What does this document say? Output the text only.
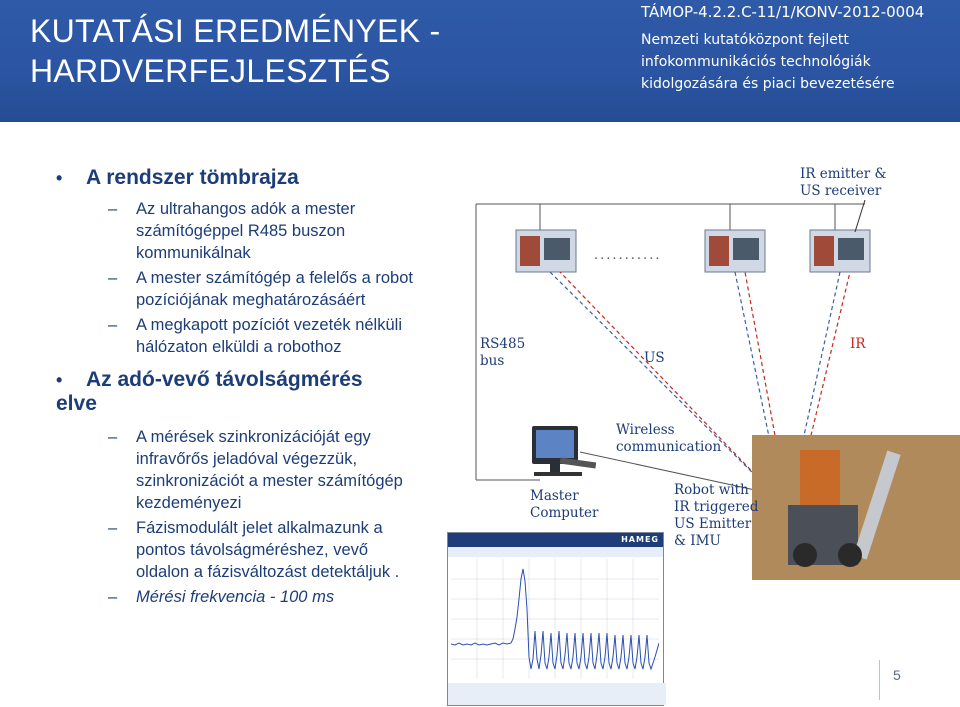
KUTATÁSI EREDMÉNYEK -
HARDVERFEJLESZTÉS
TÁMOP-4.2.2.C-11/1/KONV-2012-0004
Nemzeti kutatóközpont fejlett
infokommunikációs technológiák
kidolgozására és piaci bevezetésére
• A rendszer tömbrajza
– Az ultrahangos adók a mester
számítógéppel R485 buszon
kommunikálnak
– A mester számítógép a felelős a robot
pozíciójának meghatározásáért
– A megkapott pozíciót vezeték nélküli
hálózaton elküldi a robothoz
• Az adó-vevő távolságmérés
elve
– A mérések szinkronizációját egy
infravőrős jeladóval végezzük,
szinkronizációt a mester számítógép
kezdeményezi
– Fázismodulált jelet alkalmazunk a
pontos távolságméréshez, vevő
oldalon a fázisváltozást detektáljuk .
– Mérési frekvencia - 100 ms
IR emitter &
US receiver
...........
RS485
bus	US
IR
Wireless
communication
Master
Computer
Robot with
IR triggered
US Emitter
& IMU
HAMEG
5
